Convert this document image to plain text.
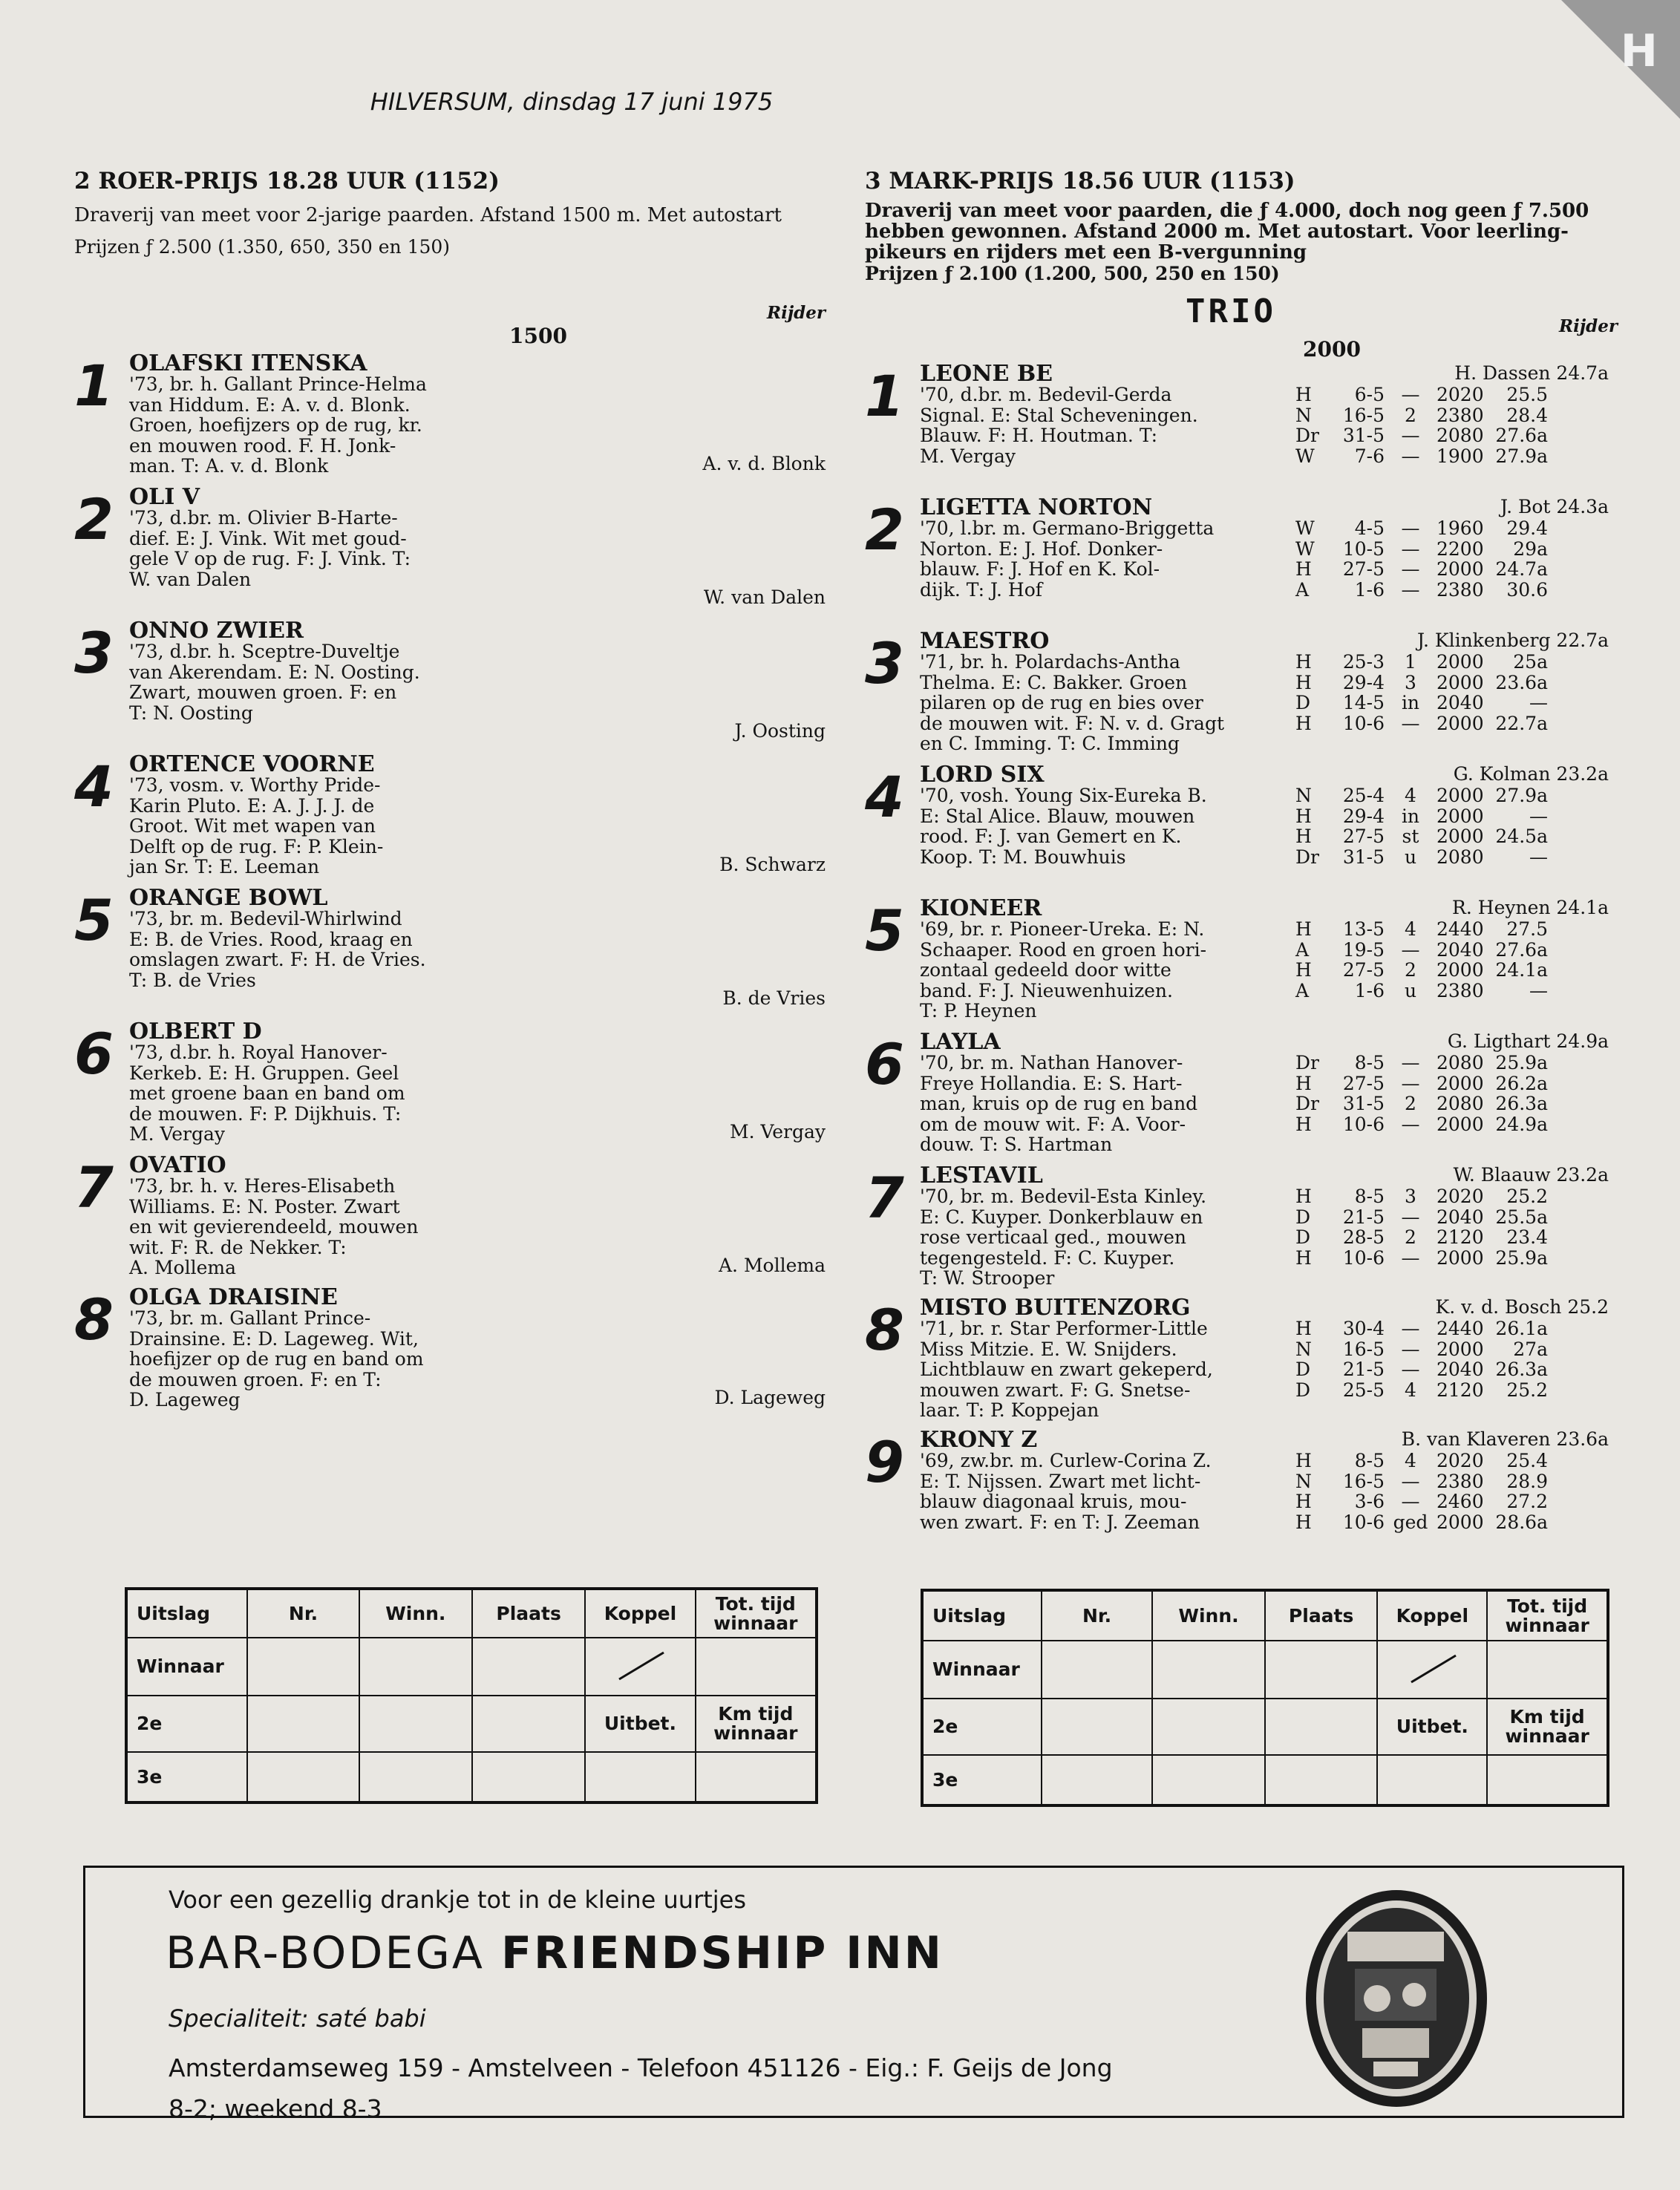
H
HILVERSUM, dinsdag 17 juni 1975
2 ROER-PRIJS 18.28 UUR (1152)
Draverij van meet voor 2-jarige paarden. Afstand 1500 m. Met autostart
Prijzen ƒ 2.500 (1.350, 650, 350 en 150)
Rijder
1500
1 OLAFSKI ITENSKA
'73, br. h. Gallant Prince-Helma
van Hiddum. E: A. v. d. Blonk.
Groen, hoefijzers op de rug, kr.
en mouwen rood. F. H. Jonk-
man. T: A. v. d. Blonk	A. v. d. Blonk
2 OLI V
'73, d.br. m. Olivier B-Harte-
dief. E: J. Vink. Wit met goud-
gele V op de rug. F: J. Vink. T:
W. van Dalen
W. van Dalen
3 ONNO ZWIER
'73, d.br. h. Sceptre-Duveltje
van Akerendam. E: N. Oosting.
Zwart, mouwen groen. F: en
T: N. Oosting
J. Oosting
4 ORTENCE VOORNE
'73, vosm. v. Worthy Pride-
Karin Pluto. E: A. J. J. J. de
Groot. Wit met wapen van
Delft op de rug. F: P. Klein-
jan Sr. T: E. Leeman	B. Schwarz
5 ORANGE BOWL
'73, br. m. Bedevil-Whirlwind
E: B. de Vries. Rood, kraag en
omslagen zwart. F: H. de Vries.
T: B. de Vries
B. de Vries
6 OLBERT D
'73, d.br. h. Royal Hanover-
Kerkeb. E: H. Gruppen. Geel
met groene baan en band om
de mouwen. F: P. Dijkhuis. T:
M. Vergay	M. Vergay
7 OVATIO
'73, br. h. v. Heres-Elisabeth
Williams. E: N. Poster. Zwart
en wit gevierendeeld, mouwen
wit. F: R. de Nekker. T:
A. Mollema	A. Mollema
8 OLGA DRAISINE
'73, br. m. Gallant Prince-
Drainsine. E: D. Lageweg. Wit,
hoefijzer op de rug en band om
de mouwen groen. F: en T:
D. Lageweg	D. Lageweg
3 MARK-PRIJS 18.56 UUR (1153)
Draverij van meet voor paarden, die ƒ 4.000, doch nog geen ƒ 7.500 hebben gewonnen. Afstand 2000 m. Met autostart. Voor leerling-pikeurs en rijders met een B-vergunning
Prijzen ƒ 2.100 (1.200, 500, 250 en 150)
TRIO	Rijder
2000
1 LEONE BE	H. Dassen 24.7a
'70, d.br. m. Bedevil-Gerda
Signal. E: Stal Scheveningen.
Blauw. F: H. Houtman. T:
M. Vergay
H	6-5 — 2020	25.5
N	16-5	2	2380	28.4
Dr	31-5 — 2080 27.6a
W	7-6 — 1900 27.9a
2 LIGETTA NORTON	J. Bot 24.3a
'70, l.br. m. Germano-Briggetta
Norton. E: J. Hof. Donker-
blauw. F: J. Hof en K. Kol-
dijk. T: J. Hof
W	4-5 — 1960	29.4
W	10-5 — 2200	29a
H	27-5 — 2000 24.7a
A	1-6 — 2380	30.6
3 MAESTRO	J. Klinkenberg 22.7a
'71, br. h. Polardachs-Antha
Thelma. E: C. Bakker. Groen
pilaren op de rug en bies over
de mouwen wit. F: N. v. d. Gragt
en C. Imming. T: C. Imming
H	25-3	1	2000	25a
H	29-4	3	2000 23.6a
D	14-5 in 2040	—
H	10-6 — 2000 22.7a
4 LORD SIX	G. Kolman 23.2a
'70, vosh. Young Six-Eureka B.
E: Stal Alice. Blauw, mouwen
rood. F: J. van Gemert en K.
Koop. T: M. Bouwhuis
N	25-4	4	2000 27.9a
H	29-4 in 2000	—
H	27-5 st 2000 24.5a
Dr	31-5	u	2080	—
5 KIONEER	R. Heynen 24.1a
'69, br. r. Pioneer-Ureka. E: N.
Schaaper. Rood en groen hori-
zontaal gedeeld door witte
band. F: J. Nieuwenhuizen.
T: P. Heynen
H	13-5	4	2440	27.5
A	19-5 — 2040 27.6a
H	27-5	2	2000 24.1a
A	1-6	u	2380	—
6 LAYLA	G. Ligthart 24.9a
'70, br. m. Nathan Hanover-
Freye Hollandia. E: S. Hart-
man, kruis op de rug en band
om de mouw wit. F: A. Voor-
douw. T: S. Hartman
Dr	8-5 — 2080 25.9a
H	27-5 — 2000 26.2a
Dr	31-5	2	2080 26.3a
H	10-6 — 2000 24.9a
7 LESTAVIL	W. Blaauw 23.2a
'70, br. m. Bedevil-Esta Kinley.
E: C. Kuyper. Donkerblauw en
rose verticaal ged., mouwen
tegengesteld. F: C. Kuyper.
T: W. Strooper
H	8-5	3	2020	25.2
D	21-5 — 2040 25.5a
D	28-5	2	2120	23.4
H	10-6 — 2000 25.9a
8 MISTO BUITENZORG	K. v. d. Bosch 25.2
'71, br. r. Star Performer-Little
Miss Mitzie. E. W. Snijders.
Lichtblauw en zwart gekeperd,
mouwen zwart. F: G. Snetse-
laar. T: P. Koppejan
H	30-4 — 2440 26.1a
N	16-5 — 2000	27a
D	21-5 — 2040 26.3a
D	25-5	4	2120	25.2
9 KRONY Z	B. van Klaveren 23.6a
'69, zw.br. m. Curlew-Corina Z.
E: T. Nijssen. Zwart met licht-
blauw diagonaal kruis, mou-
wen zwart. F: en T: J. Zeeman
H	8-5	4	2020	25.4
N	16-5 — 2380	28.9
H	3-6 — 2460	27.2
H	10-6 ged 2000 28.6a
Uitslag	Nr.	Winn.	Plaats	Koppel	Tot. tijd winnaar
Winnaar					
2e				Uitbet.	Km tijd winnaar
3e					
Uitslag	Nr.	Winn.	Plaats	Koppel	Tot. tijd winnaar
Winnaar					
2e				Uitbet.	Km tijd winnaar
3e					
Voor een gezellig drankje tot in de kleine uurtjes
BAR-BODEGA FRIENDSHIP INN
Specialiteit: saté babi
Amsterdamseweg 159 - Amstelveen - Telefoon 451126 - Eig.: F. Geijs de Jong
8-2; weekend 8-3
